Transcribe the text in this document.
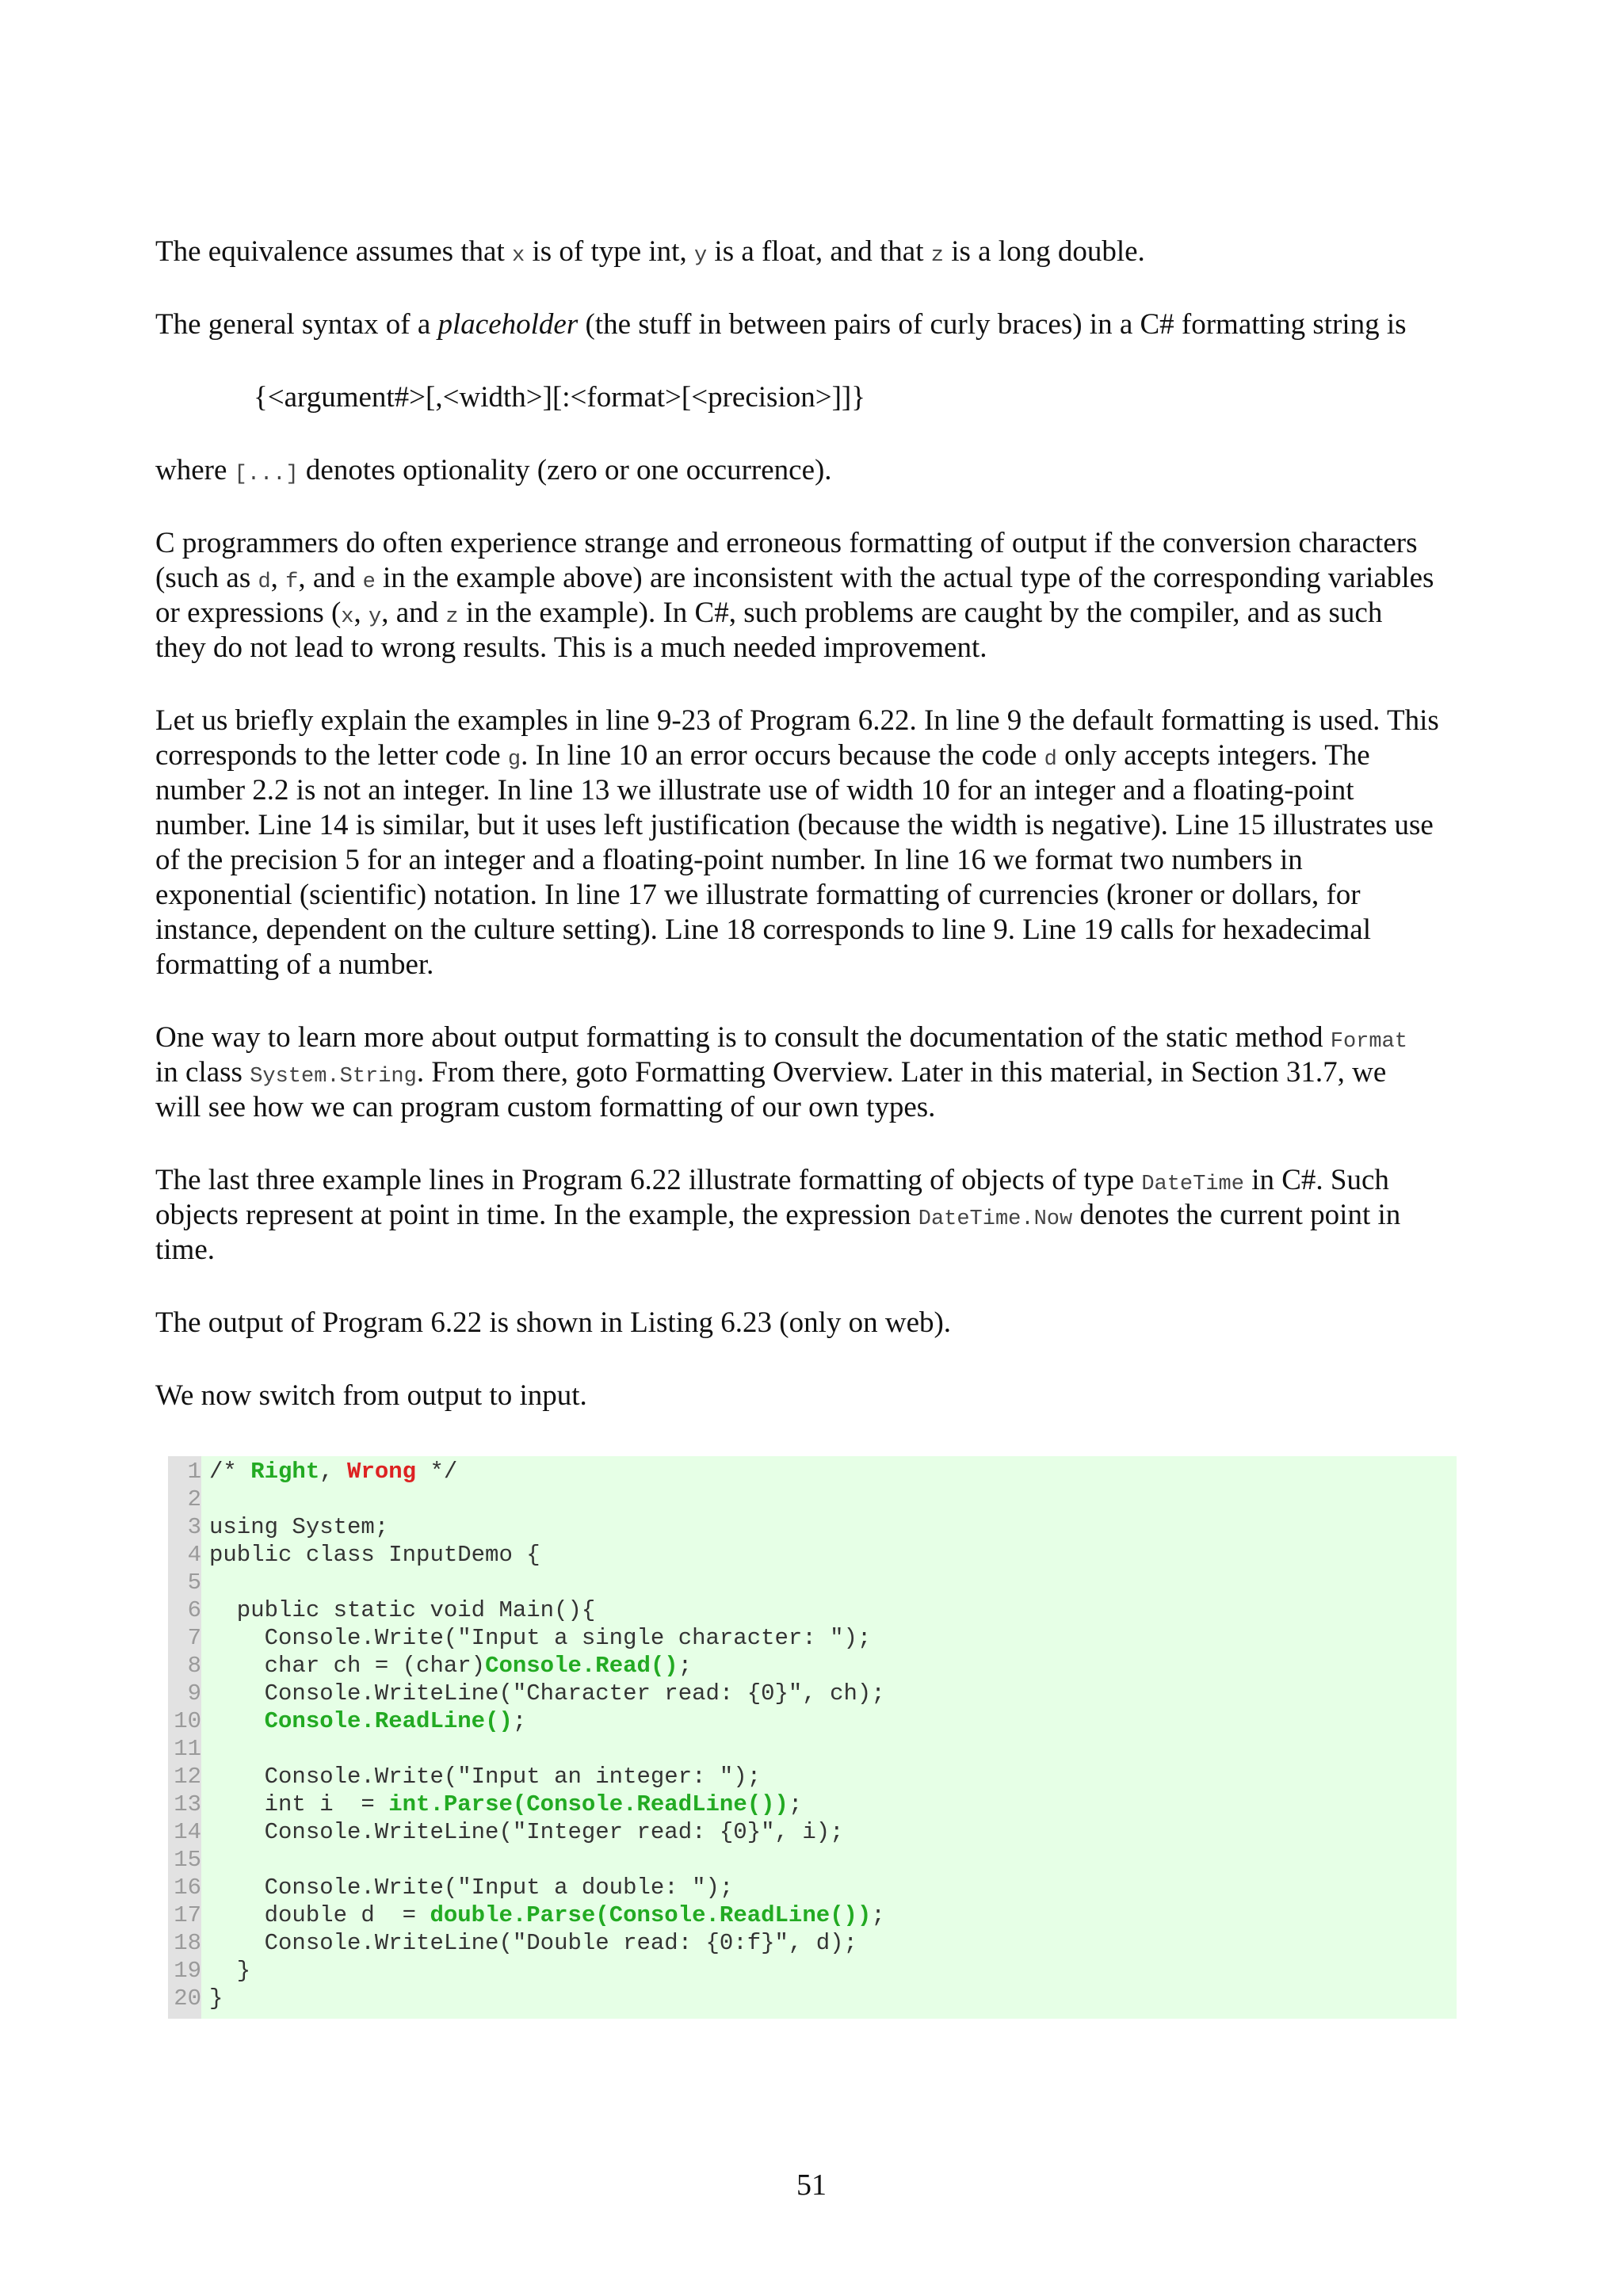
The equivalence assumes that x is of type int, y is a float, and that z is a long double.

The general syntax of a placeholder (the stuff in between pairs of curly braces) in a C# formatting string is

{<argument#>[,<width>][:<format>[<precision>]]}

where [...] denotes optionality (zero or one occurrence).

C programmers do often experience strange and erroneous formatting of output if the conversion characters

(such as d, f, and e in the example above) are inconsistent with the actual type of the corresponding variables

or expressions (x, y, and z in the example). In C#, such problems are caught by the compiler, and as such

they do not lead to wrong results. This is a much needed improvement.

Let us briefly explain the examples in line 9-23 of Program 6.22. In line 9 the default formatting is used. This

corresponds to the letter code g. In line 10 an error occurs because the code d only accepts integers. The

number 2.2 is not an integer. In line 13 we illustrate use of width 10 for an integer and a floating-point

number. Line 14 is similar, but it uses left justification (because the width is negative). Line 15 illustrates use

of the precision 5 for an integer and a floating-point number. In line 16 we format two numbers in

exponential (scientific) notation. In line 17 we illustrate formatting of currencies (kroner or dollars, for

instance, dependent on the culture setting). Line 18 corresponds to line 9. Line 19 calls for hexadecimal

formatting of a number.

One way to learn more about output formatting is to consult the documentation of the static method Format

in class System.String. From there, goto Formatting Overview. Later in this material, in Section 31.7, we

will see how we can program custom formatting of our own types.

The last three example lines in Program 6.22 illustrate formatting of objects of type DateTime in C#. Such

objects represent at point in time. In the example, the expression DateTime.Now denotes the current point in

time.

The output of Program 6.22 is shown in Listing 6.23 (only on web).

We now switch from output to input.

1 /* Right, Wrong */
2
3 using System;
4 public class InputDemo {
5
6  public static void Main(){
7    Console.Write("Input a single character: ");
8    char ch = (char)Console.Read();
9    Console.WriteLine("Character read: {0}", ch);
10	Console.ReadLine();
11
12    Console.Write("Input an integer: ");
13    int i  = int.Parse(Console.ReadLine());
14    Console.WriteLine("Integer read: {0}", i);
15
16    Console.Write("Input a double: ");
17    double d  = double.Parse(Console.ReadLine());
18    Console.WriteLine("Double read: {0:f}", d);
19  }
20 }
51
